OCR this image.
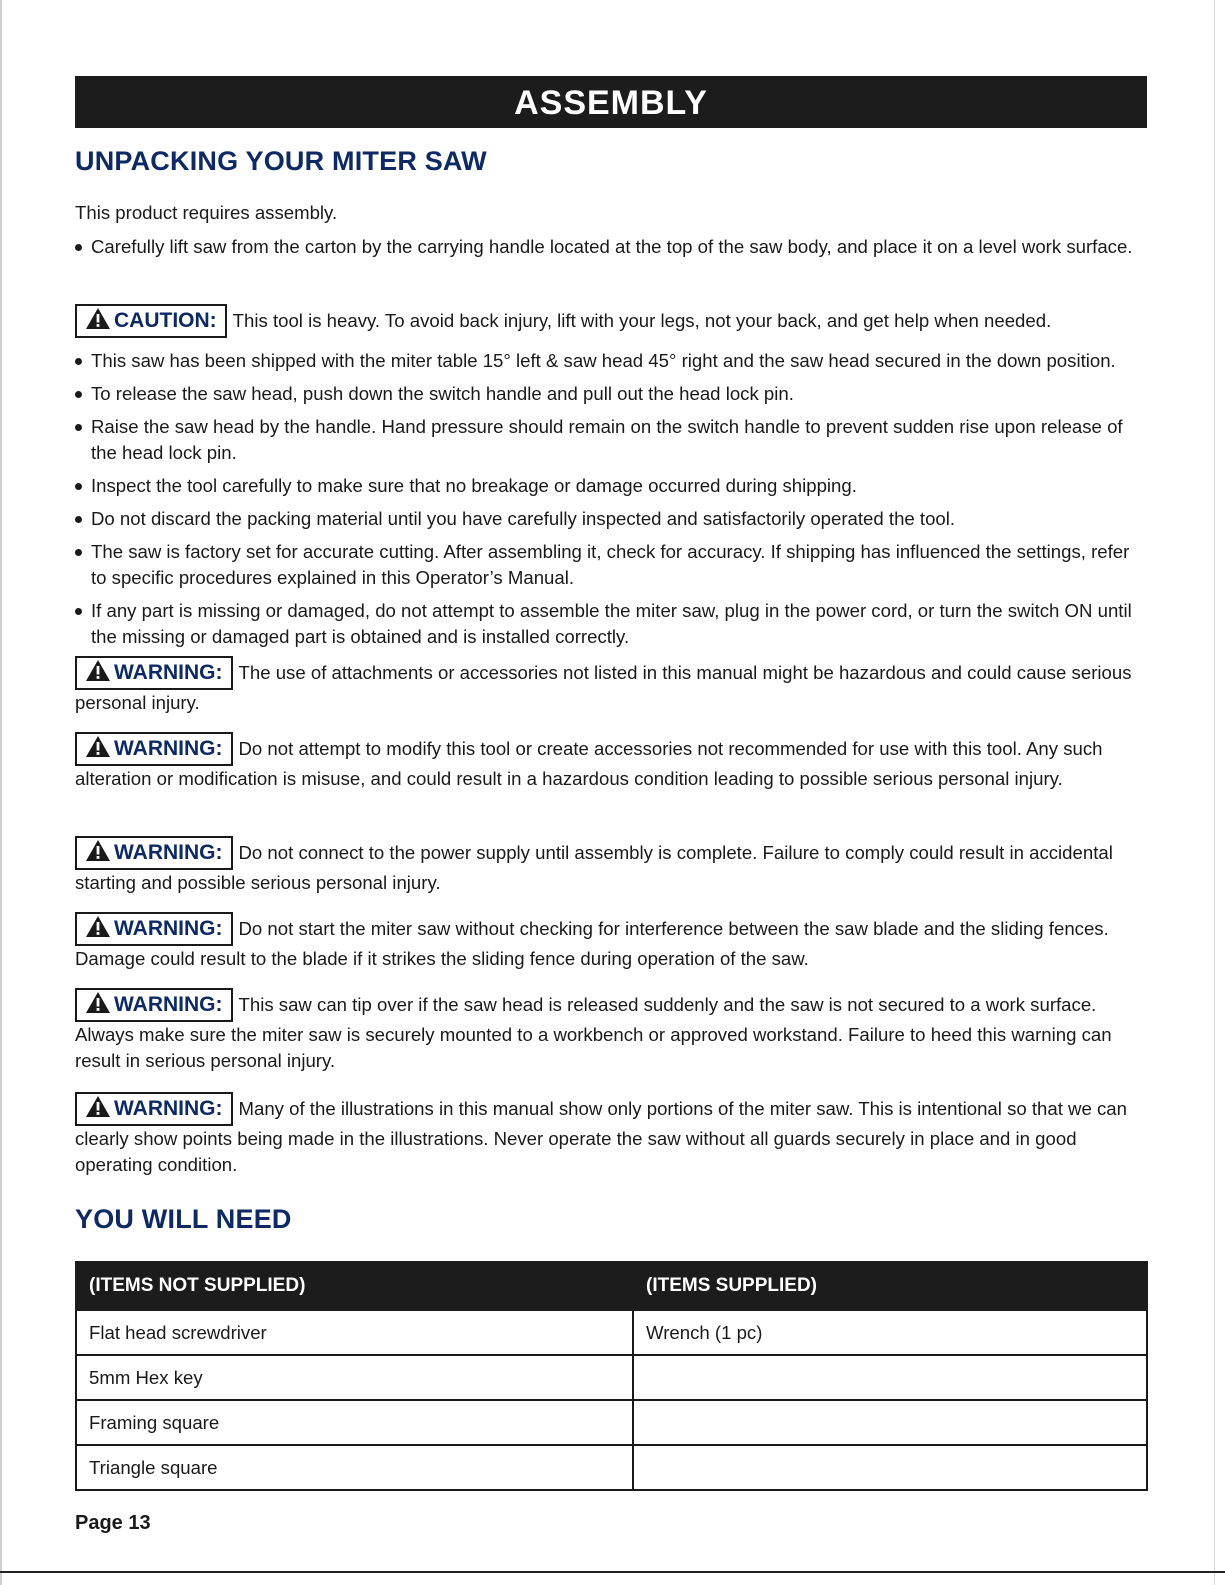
ASSEMBLY
UNPACKING YOUR MITER SAW
This product requires assembly.
Carefully lift saw from the carton by the carrying handle located at the top of the saw body, and place it on a level work surface.
CAUTION: This tool is heavy. To avoid back injury, lift with your legs, not your back, and get help when needed.
This saw has been shipped with the miter table 15° left & saw head 45° right and the saw head secured in the down position.
To release the saw head, push down the switch handle and pull out the head lock pin.
Raise the saw head by the handle. Hand pressure should remain on the switch handle to prevent sudden rise upon release of the head lock pin.
Inspect the tool carefully to make sure that no breakage or damage occurred during shipping.
Do not discard the packing material until you have carefully inspected and satisfactorily operated the tool.
The saw is factory set for accurate cutting. After assembling it, check for accuracy. If shipping has influenced the settings, refer to specific procedures explained in this Operator’s Manual.
If any part is missing or damaged, do not attempt to assemble the miter saw, plug in the power cord, or turn the switch ON until the missing or damaged part is obtained and is installed correctly.
WARNING: The use of attachments or accessories not listed in this manual might be hazardous and could cause serious personal injury.
WARNING: Do not attempt to modify this tool or create accessories not recommended for use with this tool. Any such alteration or modification is misuse, and could result in a hazardous condition leading to possible serious personal injury.
WARNING: Do not connect to the power supply until assembly is complete. Failure to comply could result in accidental starting and possible serious personal injury.
WARNING: Do not start the miter saw without checking for interference between the saw blade and the sliding fences. Damage could result to the blade if it strikes the sliding fence during operation of the saw.
WARNING: This saw can tip over if the saw head is released suddenly and the saw is not secured to a work surface. Always make sure the miter saw is securely mounted to a workbench or approved workstand. Failure to heed this warning can result in serious personal injury.
WARNING: Many of the illustrations in this manual show only portions of the miter saw. This is intentional so that we can clearly show points being made in the illustrations. Never operate the saw without all guards securely in place and in good operating condition.
YOU WILL NEED
(ITEMS NOT SUPPLIED)	(ITEMS SUPPLIED)
Flat head screwdriver	Wrench (1 pc)
5mm Hex key	
Framing square	
Triangle square	
Page 13
